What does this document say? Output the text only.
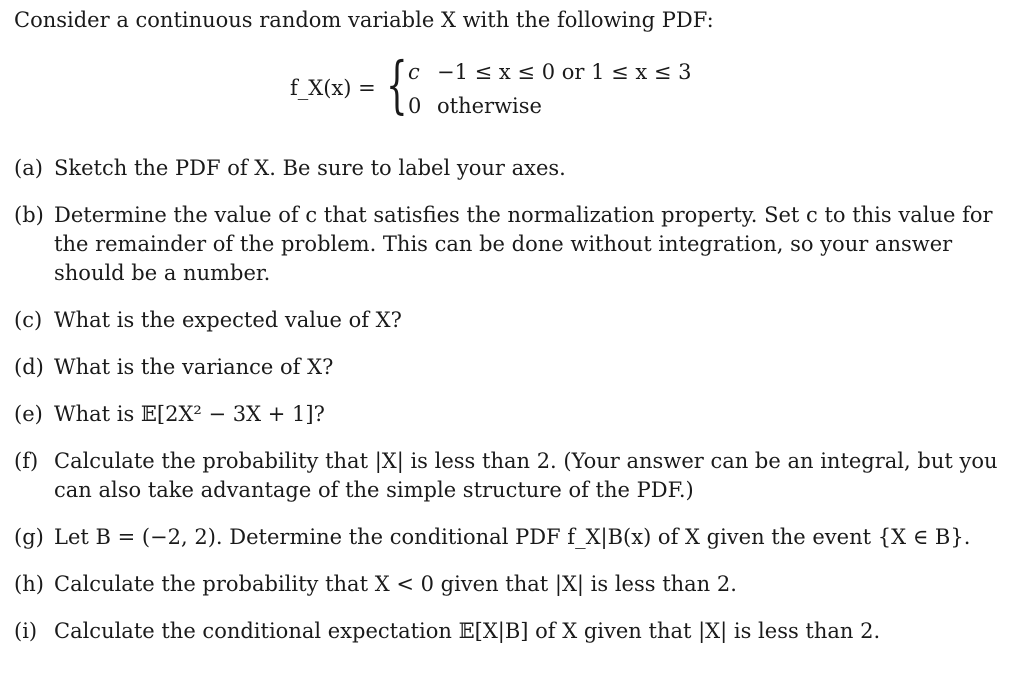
Consider a continuous random variable X with the following PDF:
f_X(x) = { c −1 ≤ x ≤ 0 or 1 ≤ x ≤ 3
0 otherwise
(a) Sketch the PDF of X. Be sure to label your axes.
(b) Determine the value of c that satisfies the normalization property. Set c to this value for the remainder of the problem. This can be done without integration, so your answer should be a number.
(c) What is the expected value of X?
(d) What is the variance of X?
(e) What is 𝔼[2X² − 3X + 1]?
(f) Calculate the probability that |X| is less than 2. (Your answer can be an integral, but you can also take advantage of the simple structure of the PDF.)
(g) Let B = (−2, 2). Determine the conditional PDF f_X|B(x) of X given the event {X ∈ B}.
(h) Calculate the probability that X < 0 given that |X| is less than 2.
(i) Calculate the conditional expectation 𝔼[X|B] of X given that |X| is less than 2.
